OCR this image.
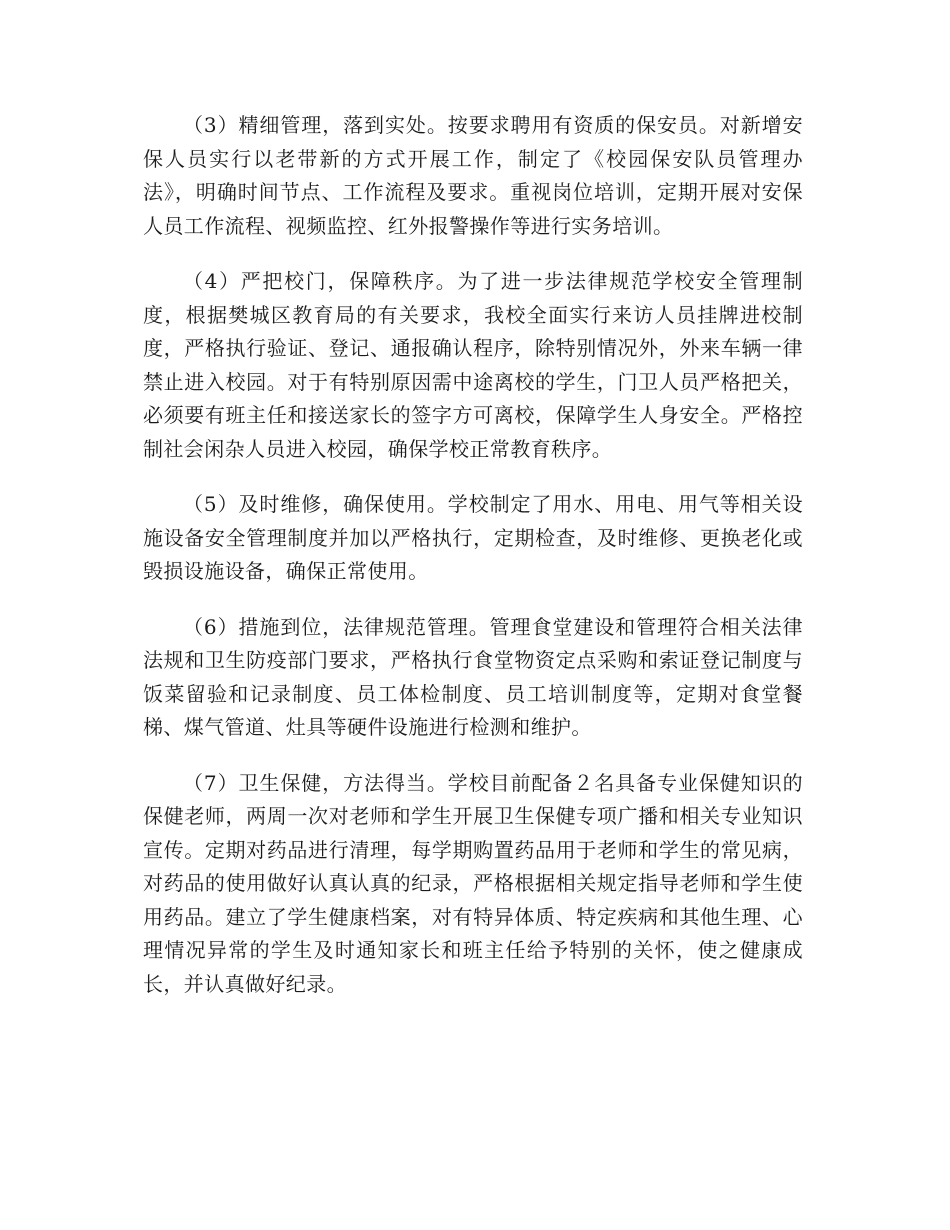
（3）精细管理，落到实处。按要求聘用有资质的保安员。对新增安保人员实行以老带新的方式开展工作，制定了《校园保安队员管理办法》，明确时间节点、工作流程及要求。重视岗位培训，定期开展对安保人员工作流程、视频监控、红外报警操作等进行实务培训。

（4）严把校门，保障秩序。为了进一步法律规范学校安全管理制度，根据樊城区教育局的有关要求，我校全面实行来访人员挂牌进校制度，严格执行验证、登记、通报确认程序，除特别情况外，外来车辆一律禁止进入校园。对于有特别原因需中途离校的学生，门卫人员严格把关，必须要有班主任和接送家长的签字方可离校，保障学生人身安全。严格控制社会闲杂人员进入校园，确保学校正常教育秩序。

（5）及时维修，确保使用。学校制定了用水、用电、用气等相关设施设备安全管理制度并加以严格执行，定期检查，及时维修、更换老化或毁损设施设备，确保正常使用。

（6）措施到位，法律规范管理。管理食堂建设和管理符合相关法律法规和卫生防疫部门要求，严格执行食堂物资定点采购和索证登记制度与饭菜留验和记录制度、员工体检制度、员工培训制度等，定期对食堂餐梯、煤气管道、灶具等硬件设施进行检测和维护。

（7）卫生保健，方法得当。学校目前配备２名具备专业保健知识的保健老师，两周一次对老师和学生开展卫生保健专项广播和相关专业知识宣传。定期对药品进行清理，每学期购置药品用于老师和学生的常见病，对药品的使用做好认真认真的纪录，严格根据相关规定指导老师和学生使用药品。建立了学生健康档案，对有特异体质、特定疾病和其他生理、心理情况异常的学生及时通知家长和班主任给予特别的关怀，使之健康成长，并认真做好纪录。
